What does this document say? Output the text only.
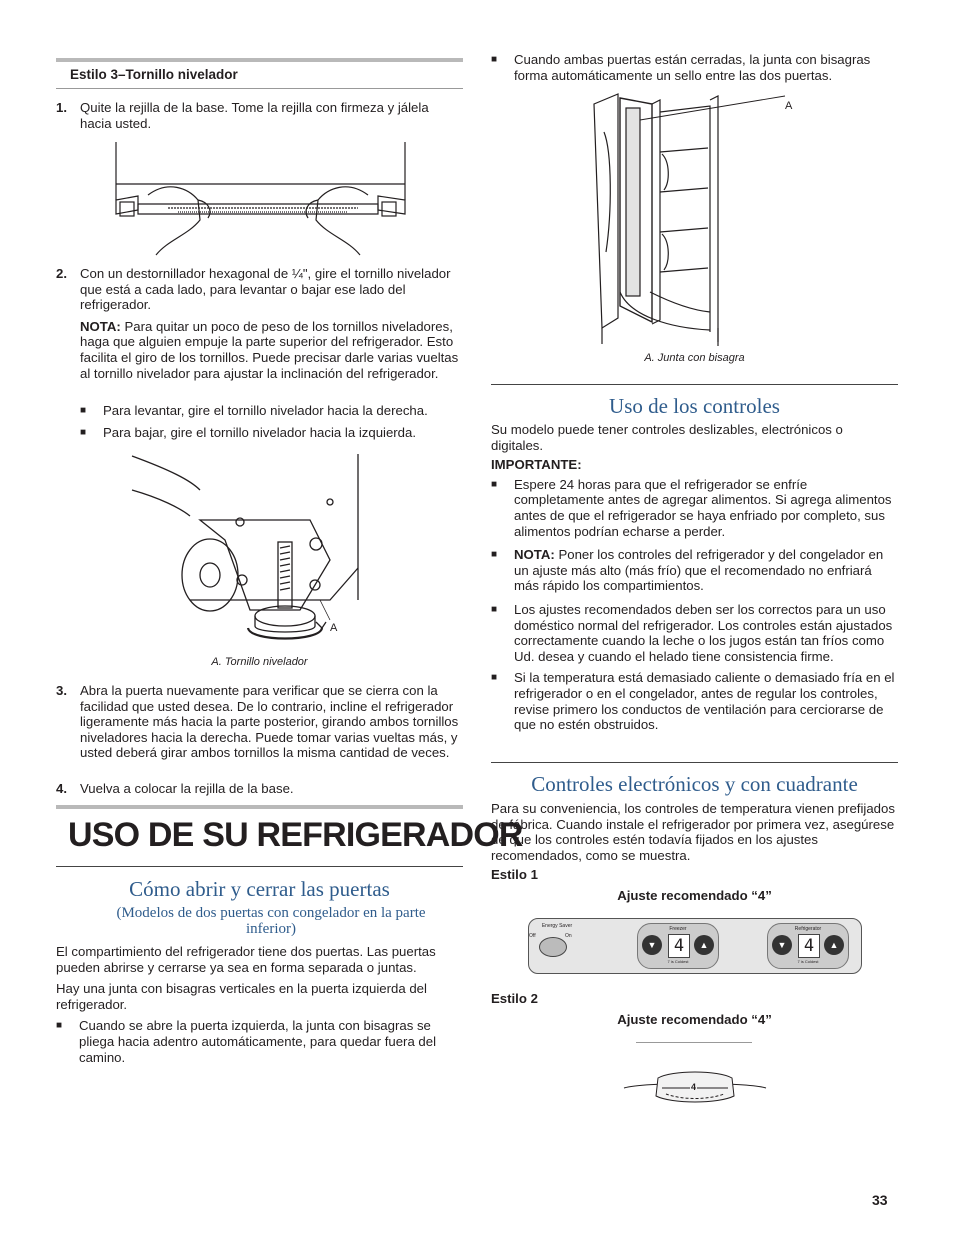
Estilo 3–Tornillo nivelador
1. Quite la rejilla de la base. Tome la rejilla con firmeza y jálela hacia usted.
2. Con un destornillador hexagonal de ¼", gire el tornillo nivelador que está a cada lado, para levantar o bajar ese lado del refrigerador.
NOTA: Para quitar un poco de peso de los tornillos niveladores, haga que alguien empuje la parte superior del refrigerador. Esto facilita el giro de los tornillos. Puede precisar darle varias vueltas al tornillo nivelador para ajustar la inclinación del refrigerador.
■ Para levantar, gire el tornillo nivelador hacia la derecha.
■ Para bajar, gire el tornillo nivelador hacia la izquierda.
A
A. Tornillo nivelador
3. Abra la puerta nuevamente para verificar que se cierra con la facilidad que usted desea. De lo contrario, incline el refrigerador ligeramente más hacia la parte posterior, girando ambos tornillos niveladores hacia la derecha. Puede tomar varias vueltas más, y usted deberá girar ambos tornillos la misma cantidad de veces.
4. Vuelva a colocar la rejilla de la base.
USO DE SU REFRIGERADOR
Cómo abrir y cerrar las puertas
(Modelos de dos puertas con congelador en la parte inferior)

El compartimiento del refrigerador tiene dos puertas. Las puertas pueden abrirse y cerrarse ya sea en forma separada o juntas.

Hay una junta con bisagras verticales en la puerta izquierda del refrigerador.

■ Cuando se abre la puerta izquierda, la junta con bisagras se pliega hacia adentro automáticamente, para quedar fuera del camino.
■ Cuando ambas puertas están cerradas, la junta con bisagras forma automáticamente un sello entre las dos puertas.
A
A. Junta con bisagra
Uso de los controles

Su modelo puede tener controles deslizables, electrónicos o digitales.

IMPORTANTE:

■ Espere 24 horas para que el refrigerador se enfríe completamente antes de agregar alimentos. Si agrega alimentos antes de que el refrigerador se haya enfriado por completo, sus alimentos podrían echarse a perder.
■ NOTA: Poner los controles del refrigerador y del congelador en un ajuste más alto (más frío) que el recomendado no enfriará más rápido los compartimientos.
■ Los ajustes recomendados deben ser los correctos para un uso doméstico normal del refrigerador. Los controles están ajustados correctamente cuando la leche o los jugos están tan fríos como Ud. desea y cuando el helado tiene consistencia firme.
■ Si la temperatura está demasiado caliente o demasiado fría en el refrigerador o en el congelador, antes de regular los controles, revise primero los conductos de ventilación para cerciorarse de que no estén obstruidos.
Controles electrónicos y con cuadrante
Para su conveniencia, los controles de temperatura vienen prefijados de fábrica. Cuando instale el refrigerador por primera vez, asegúrese de que los controles estén todavía fijados en los ajustes recomendados, como se muestra.
Estilo 1
Ajuste recomendado “4”
Off	On
Energy Saver	Freezer
▼	4	▲
7 is Coldest
Refrigerator
▼	4	▲
7 is Coldest
Estilo 2
Ajuste recomendado “4”
4
33
